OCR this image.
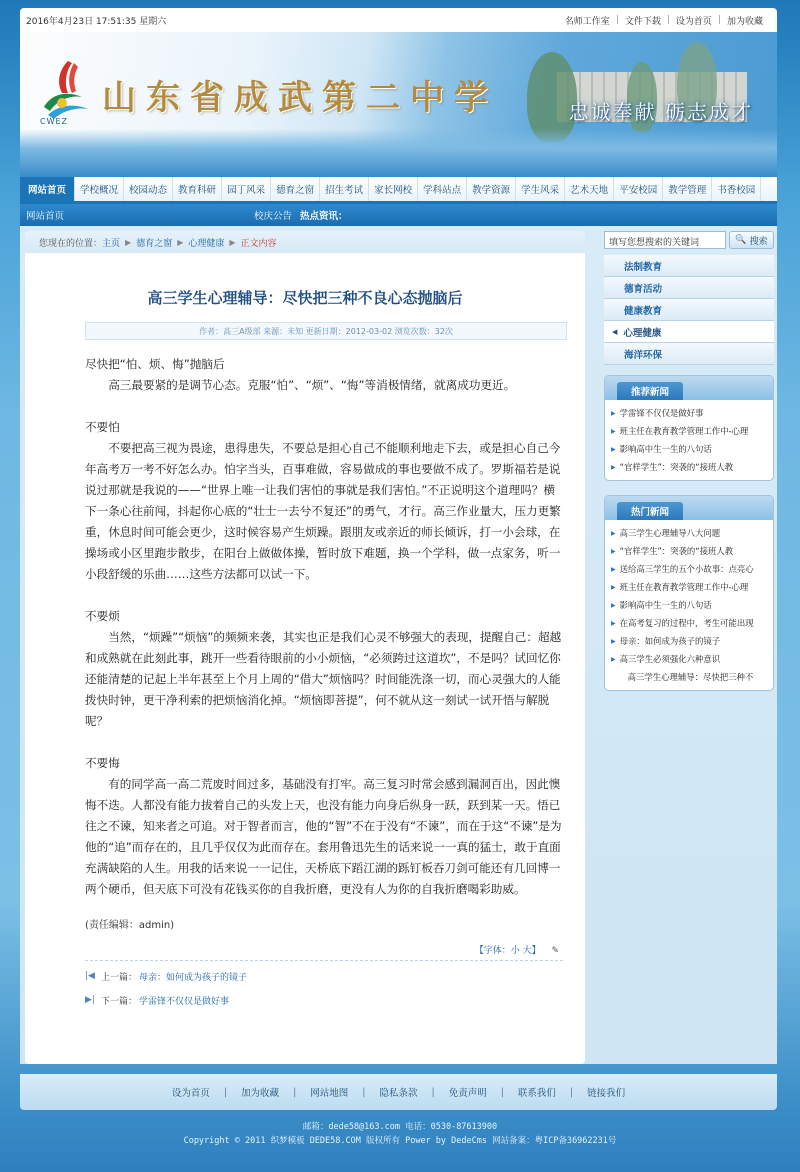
2016年4月23日 17:51:35 星期六	名师工作室 | 文件下载 | 设为首页 | 加为收藏
CWEZ
山东省成武第二中学	忠诚奉献 砺志成才
网站首页	学校概况	校园动态	教育科研	园丁风采	德育之窗	招生考试	家长网校	学科站点	教学资源	学生风采	艺术天地	平安校园	教学管理	书香校园
网站首页	校庆公告 热点资讯：
您现在的位置： 主页 ▶ 德育之窗 ▶ 心理健康 ▶ 正文内容
高三学生心理辅导：尽快把三种不良心态抛脑后
作者：高三A级部 来源：未知 更新日期：2012-03-02 浏览次数：32次

尽快把“怕、烦、悔”抛脑后

高三最要紧的是调节心态。克服“怕”、“烦”、“悔”等消极情绪，就离成功更近。

不要怕

不要把高三视为畏途，患得患失，不要总是担心自己不能顺利地走下去，或是担心自己今年高考万一考不好怎么办。怕字当头，百事难做，容易做成的事也要做不成了。罗斯福若是说说过那就是我说的——“世界上唯一让我们害怕的事就是我们害怕。”不正说明这个道理吗？横下一条心往前闯，抖起你心底的“壮士一去兮不复还”的勇气，才行。高三作业量大，压力更繁重，休息时间可能会更少，这时候容易产生烦躁。跟朋友或亲近的师长倾诉，打一小会球，在操场或小区里跑步散步，在阳台上做做体操，暂时放下难题，换一个学科，做一点家务，听一小段舒缓的乐曲……这些方法都可以试一下。

不要烦

当然，“烦躁”“烦恼”的频频来袭，其实也正是我们心灵不够强大的表现，提醒自己：超越和成熟就在此刻此事，跳开一些看待眼前的小小烦恼，“必须跨过这道坎”，不是吗？试回忆你还能清楚的记起上半年甚至上个月上周的“借大”烦恼吗？时间能洗涤一切，而心灵强大的人能拨快时钟，更干净利索的把烦恼消化掉。“烦恼即菩提”，何不就从这一刻试一试开悟与解脱呢？

不要悔

有的同学高一高二荒废时间过多，基础没有打牢。高三复习时常会感到漏洞百出，因此懊悔不迭。人都没有能力拔着自己的头发上天，也没有能力向身后纵身一跃，跃到某一天。悟已往之不谏，知来者之可追。对于智者而言，他的“智”不在于没有“不谏”，而在于这“不谏”是为他的“追”而存在的，且几乎仅仅为此而存在。套用鲁迅先生的话来说一一真的猛士，敢于直面充满缺陷的人生。用我的话来说一一记住，天桥底下蹈江湖的跞钉板吞刀剑可能还有几回博一两个硬币，但天底下可没有花钱买你的自我折磨，更没有人为你的自我折磨喝彩助威。

(责任编辑：admin)
【字体：小 大】 ✎
|◀ 上一篇： 母亲：如何成为孩子的镜子
▶| 下一篇： 学雷锋不仅仅是做好事
填写您想搜索的关键词	🔍 搜索
法制教育
德育活动
健康教育
◀ 心理健康
海洋环保
推荐新闻
▶ 学雷锋不仅仅是做好事
▶ 班主任在教育教学管理工作中-心理
▶ 影响高中生一生的八句话
▶ “官样学生”：突袭的“接班人教
热门新闻
▶ 高三学生心理辅导八大问题
▶ “官样学生”：突袭的“接班人教
▶ 送给高三学生的五个小故事：点亮心
▶ 班主任在教育教学管理工作中-心理
▶ 影响高中生一生的八句话
▶ 在高考复习的过程中，考生可能出现
▶ 母亲：如何成为孩子的镜子
▶ 高三学生必须强化六种意识
高三学生心理辅导：尽快把三种不
设为首页 | 加为收藏 | 网站地图 | 隐私条款 | 免责声明 | 联系我们 | 链接我们
邮箱：dede58@163.com 电话：0530-87613900
Copyright © 2011 织梦模板 DEDE58.COM 版权所有 Power by DedeCms 网站备案：粤ICP备36962231号
